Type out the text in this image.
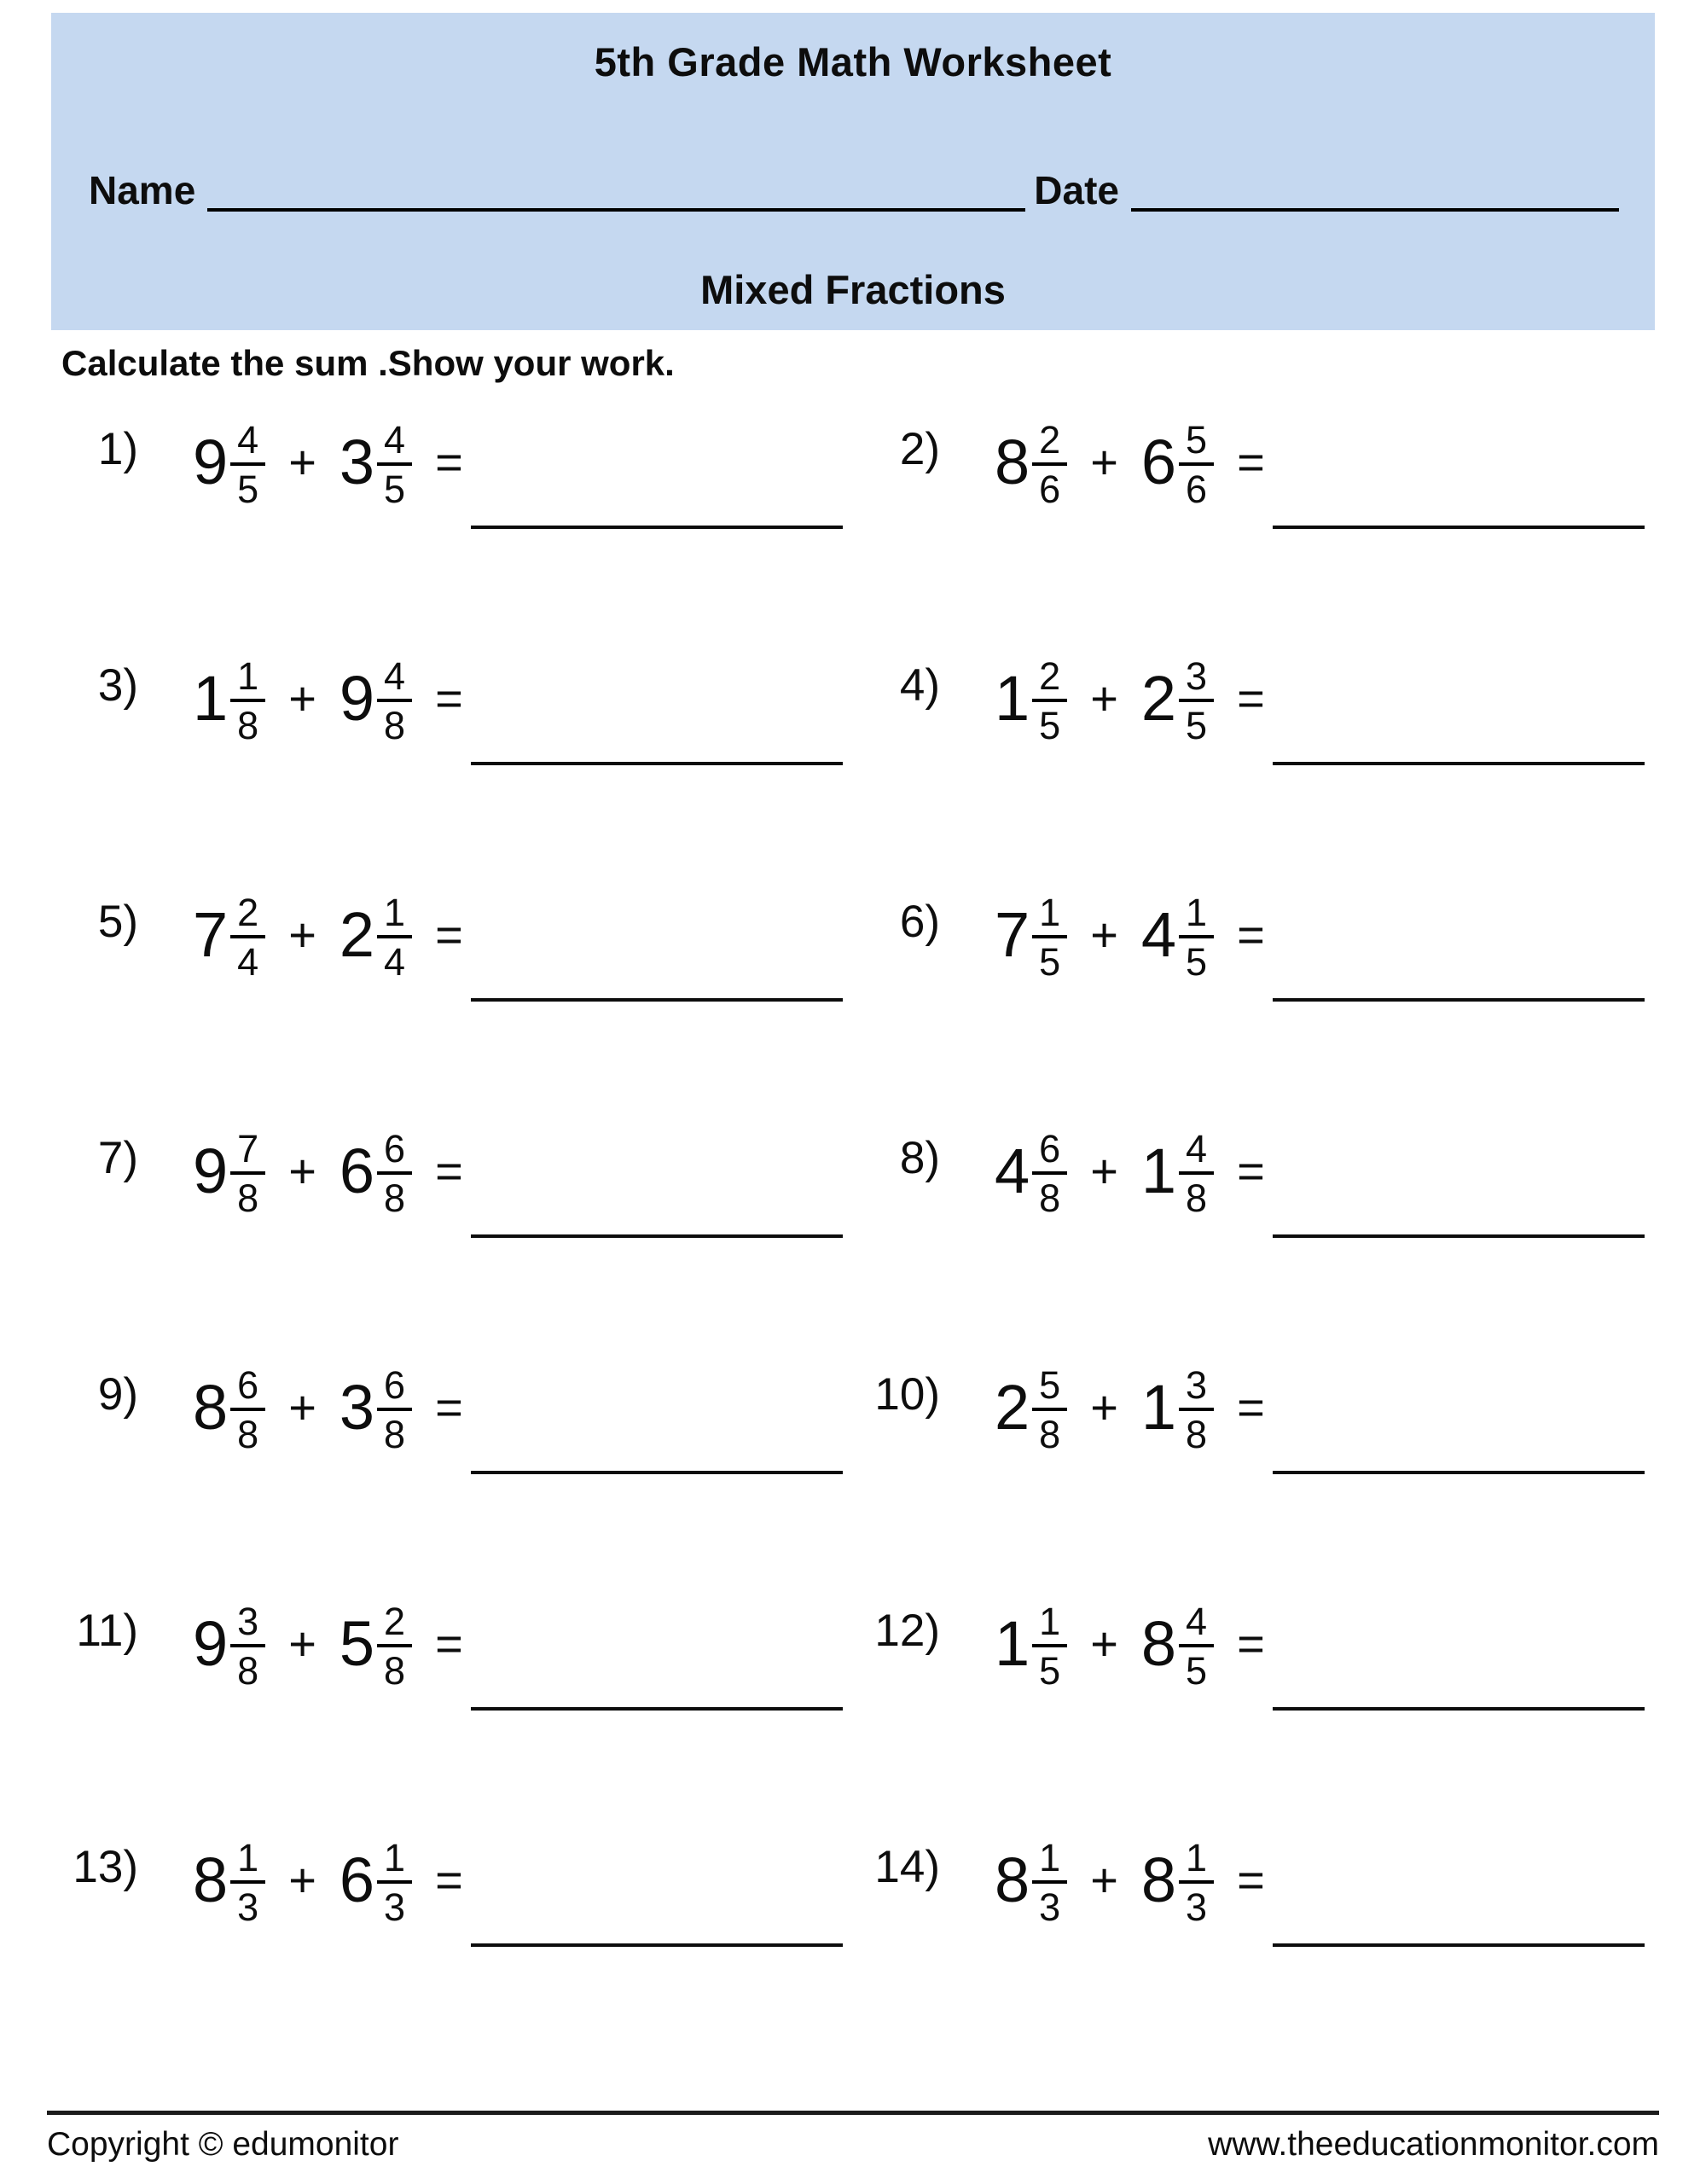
5th Grade Math Worksheet
Name	Date
Mixed Fractions
Calculate the sum .Show your work.
1) $9 \frac{4}{5} + 3 \frac{4}{5}$ =	2) $8 \frac{2}{6} + 6 \frac{5}{6}$ =
3) $1 \frac{1}{8} + 9 \frac{4}{8}$ =	4) $1 \frac{2}{5} + 2 \frac{3}{5}$ =
5) $7 \frac{2}{4} + 2 \frac{1}{4}$ =	6) $7 \frac{1}{5} + 4 \frac{1}{5}$ =
7) $9 \frac{7}{8} + 6 \frac{6}{8}$ =	8) $4 \frac{6}{8} + 1 \frac{4}{8}$ =
9) $8 \frac{6}{8} + 3 \frac{6}{8}$ =	10) $2 \frac{5}{8} + 1 \frac{3}{8}$ =
11) $9 \frac{3}{8} + 5 \frac{2}{8}$ =	12) $1 \frac{1}{5} + 8 \frac{4}{5}$ =
13) $8 \frac{1}{3} + 6 \frac{1}{3}$ =	14) $8 \frac{1}{3} + 8 \frac{1}{3}$ =
Copyright © edumonitor	www.theeducationmonitor.com
